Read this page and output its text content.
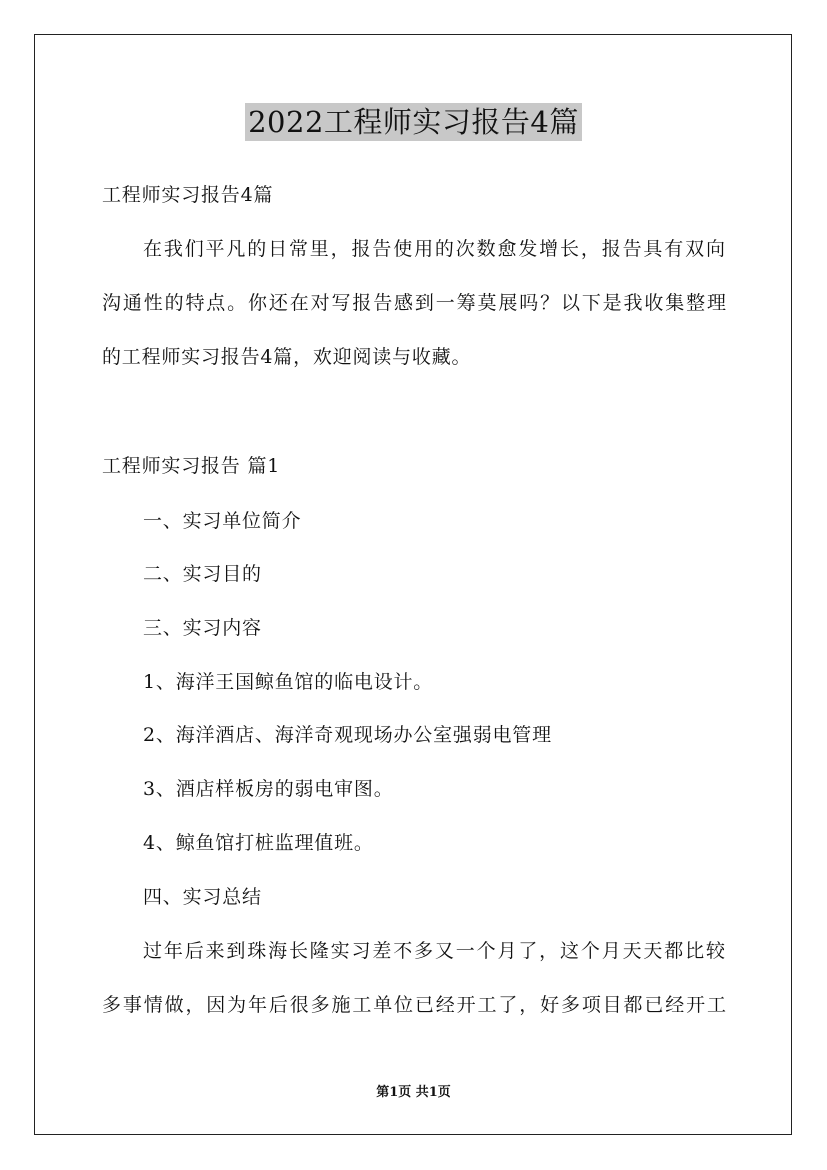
2022工程师实习报告4篇
工程师实习报告4篇
在我们平凡的日常里，报告使用的次数愈发增长，报告具有双向
沟通性的特点。你还在对写报告感到一筹莫展吗？以下是我收集整理
的工程师实习报告4篇，欢迎阅读与收藏。
工程师实习报告 篇1
一、实习单位简介
二、实习目的
三、实习内容
1、海洋王国鲸鱼馆的临电设计。
2、海洋酒店、海洋奇观现场办公室强弱电管理
3、酒店样板房的弱电审图。
4、鲸鱼馆打桩监理值班。
四、实习总结
过年后来到珠海长隆实习差不多又一个月了，这个月天天都比较
多事情做，因为年后很多施工单位已经开工了，好多项目都已经开工
第1页 共1页
